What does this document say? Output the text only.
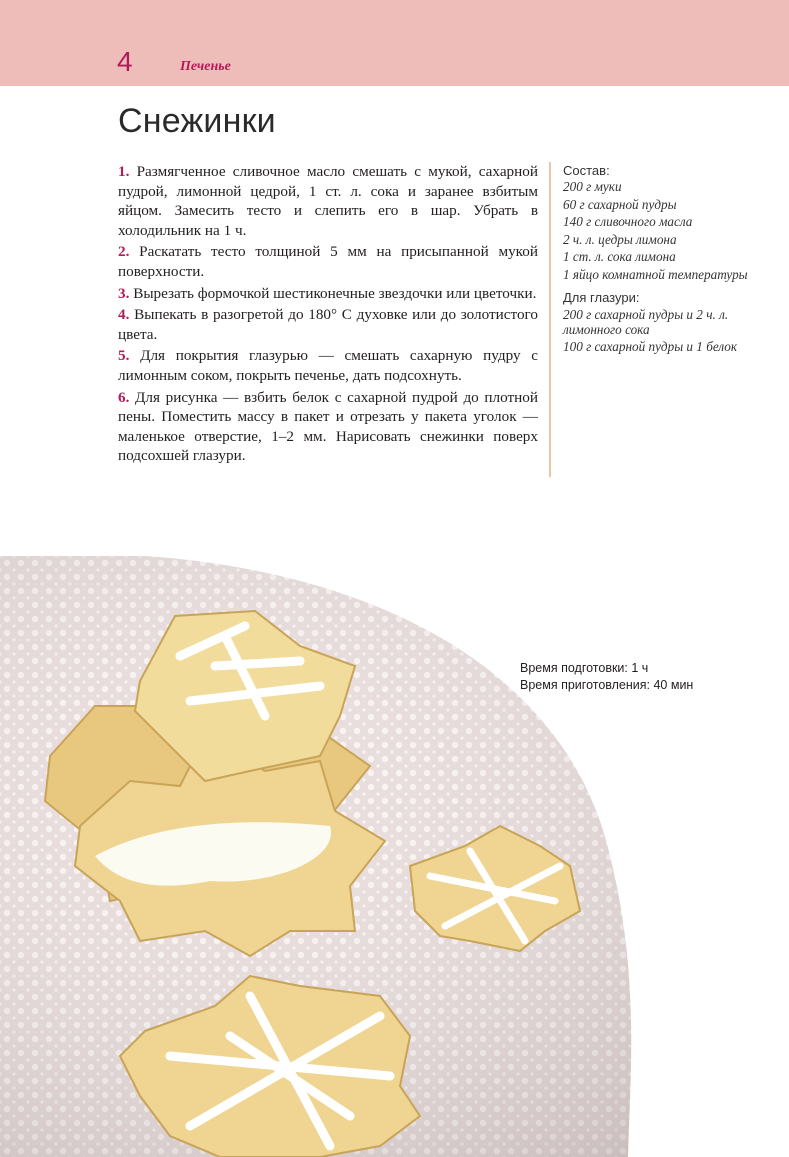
4	Печенье
Снежинки

1. Размягченное сливочное масло смешать с мукой, сахарной пудрой, лимонной цедрой, 1 ст. л. сока и заранее взбитым яйцом. Замесить тесто и слепить его в шар. Убрать в холодильник на 1 ч.

2. Раскатать тесто толщиной 5 мм на присыпанной мукой поверхности.

3. Вырезать формочкой шестиконечные звездочки или цветочки.

4. Выпекать в разогретой до 180° С духовке или до золотистого цвета.

5. Для покрытия глазурью — смешать сахарную пудру с лимонным соком, покрыть печенье, дать подсохнуть.

6. Для рисунка — взбить белок с сахарной пудрой до плотной пены. Поместить массу в пакет и отрезать у пакета уголок — маленькое отверстие, 1–2 мм. Нарисовать снежинки поверх подсохшей глазури.

Состав:
200 г муки
60 г сахарной пудры
140 г сливочного масла
2 ч. л. цедры лимона
1 ст. л. сока лимона
1 яйцо комнатной температуры
Для глазури:
200 г сахарной пудры и 2 ч. л. лимонного сока
100 г сахарной пудры и 1 белок
Время подготовки: 1 ч
Время приготовления: 40 мин
